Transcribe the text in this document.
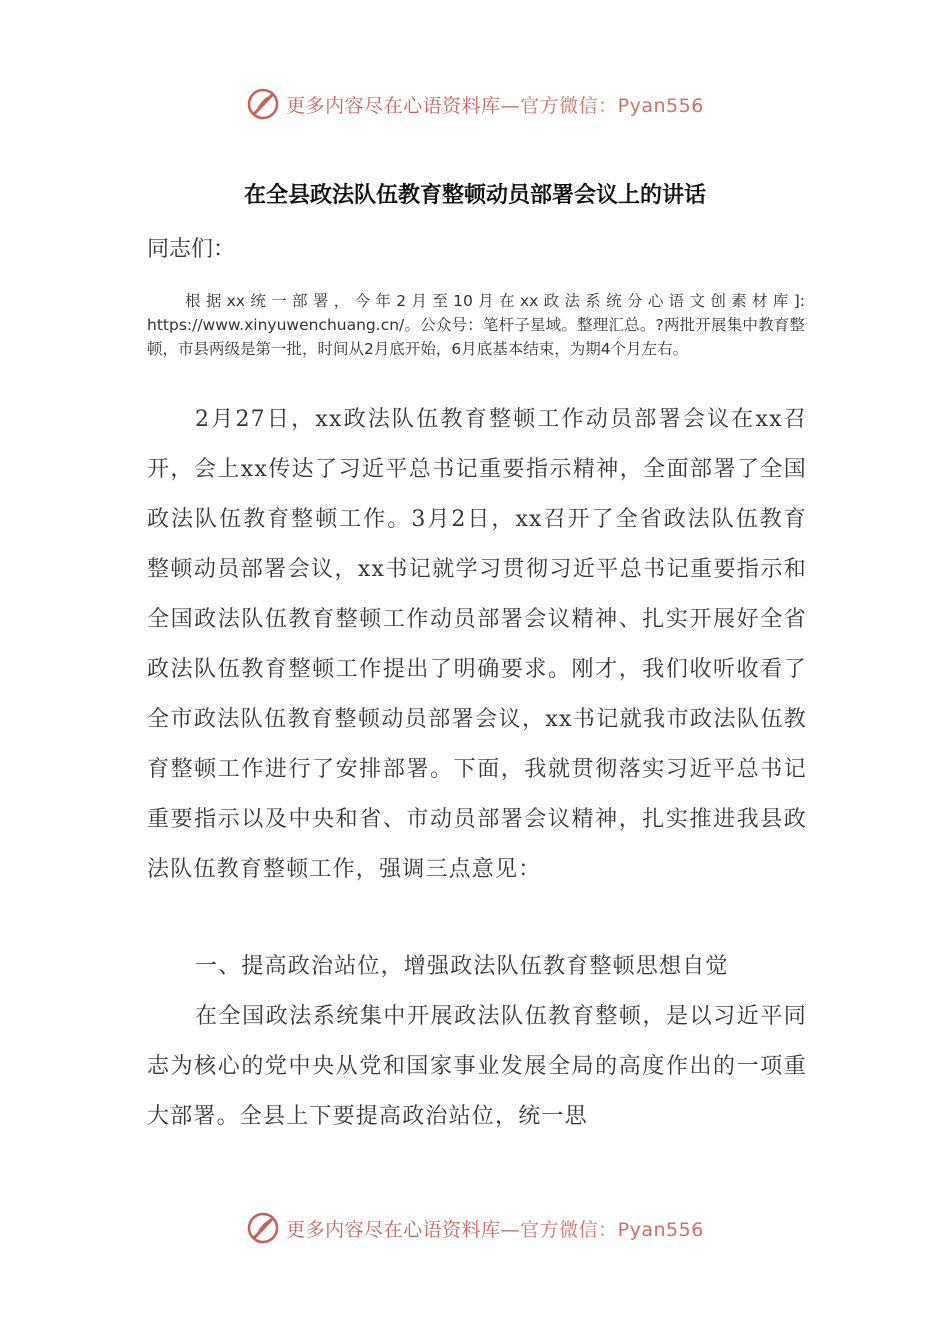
更多内容尽在心语资料库—官方微信：Pyan556
在全县政法队伍教育整顿动员部署会议上的讲话
同志们：
根据xx统一部署，今年2月至10月在xx政法系统分心语文创素材库]: https://www.xinyuwenchuang.cn/。公众号：笔杆子星域。整理汇总。?两批开展集中教育整顿，市县两级是第一批，时间从2月底开始，6月底基本结束，为期4个月左右。
2月27日，xx政法队伍教育整顿工作动员部署会议在xx召开，会上xx传达了习近平总书记重要指示精神，全面部署了全国政法队伍教育整顿工作。3月2日，xx召开了全省政法队伍教育整顿动员部署会议，xx书记就学习贯彻习近平总书记重要指示和全国政法队伍教育整顿工作动员部署会议精神、扎实开展好全省政法队伍教育整顿工作提出了明确要求。刚才，我们收听收看了全市政法队伍教育整顿动员部署会议，xx书记就我市政法队伍教育整顿工作进行了安排部署。下面，我就贯彻落实习近平总书记重要指示以及中央和省、市动员部署会议精神，扎实推进我县政法队伍教育整顿工作，强调三点意见：
一、提高政治站位，增强政法队伍教育整顿思想自觉
在全国政法系统集中开展政法队伍教育整顿，是以习近平同志为核心的党中央从党和国家事业发展全局的高度作出的一项重大部署。全县上下要提高政治站位，统一思
更多内容尽在心语资料库—官方微信：Pyan556
